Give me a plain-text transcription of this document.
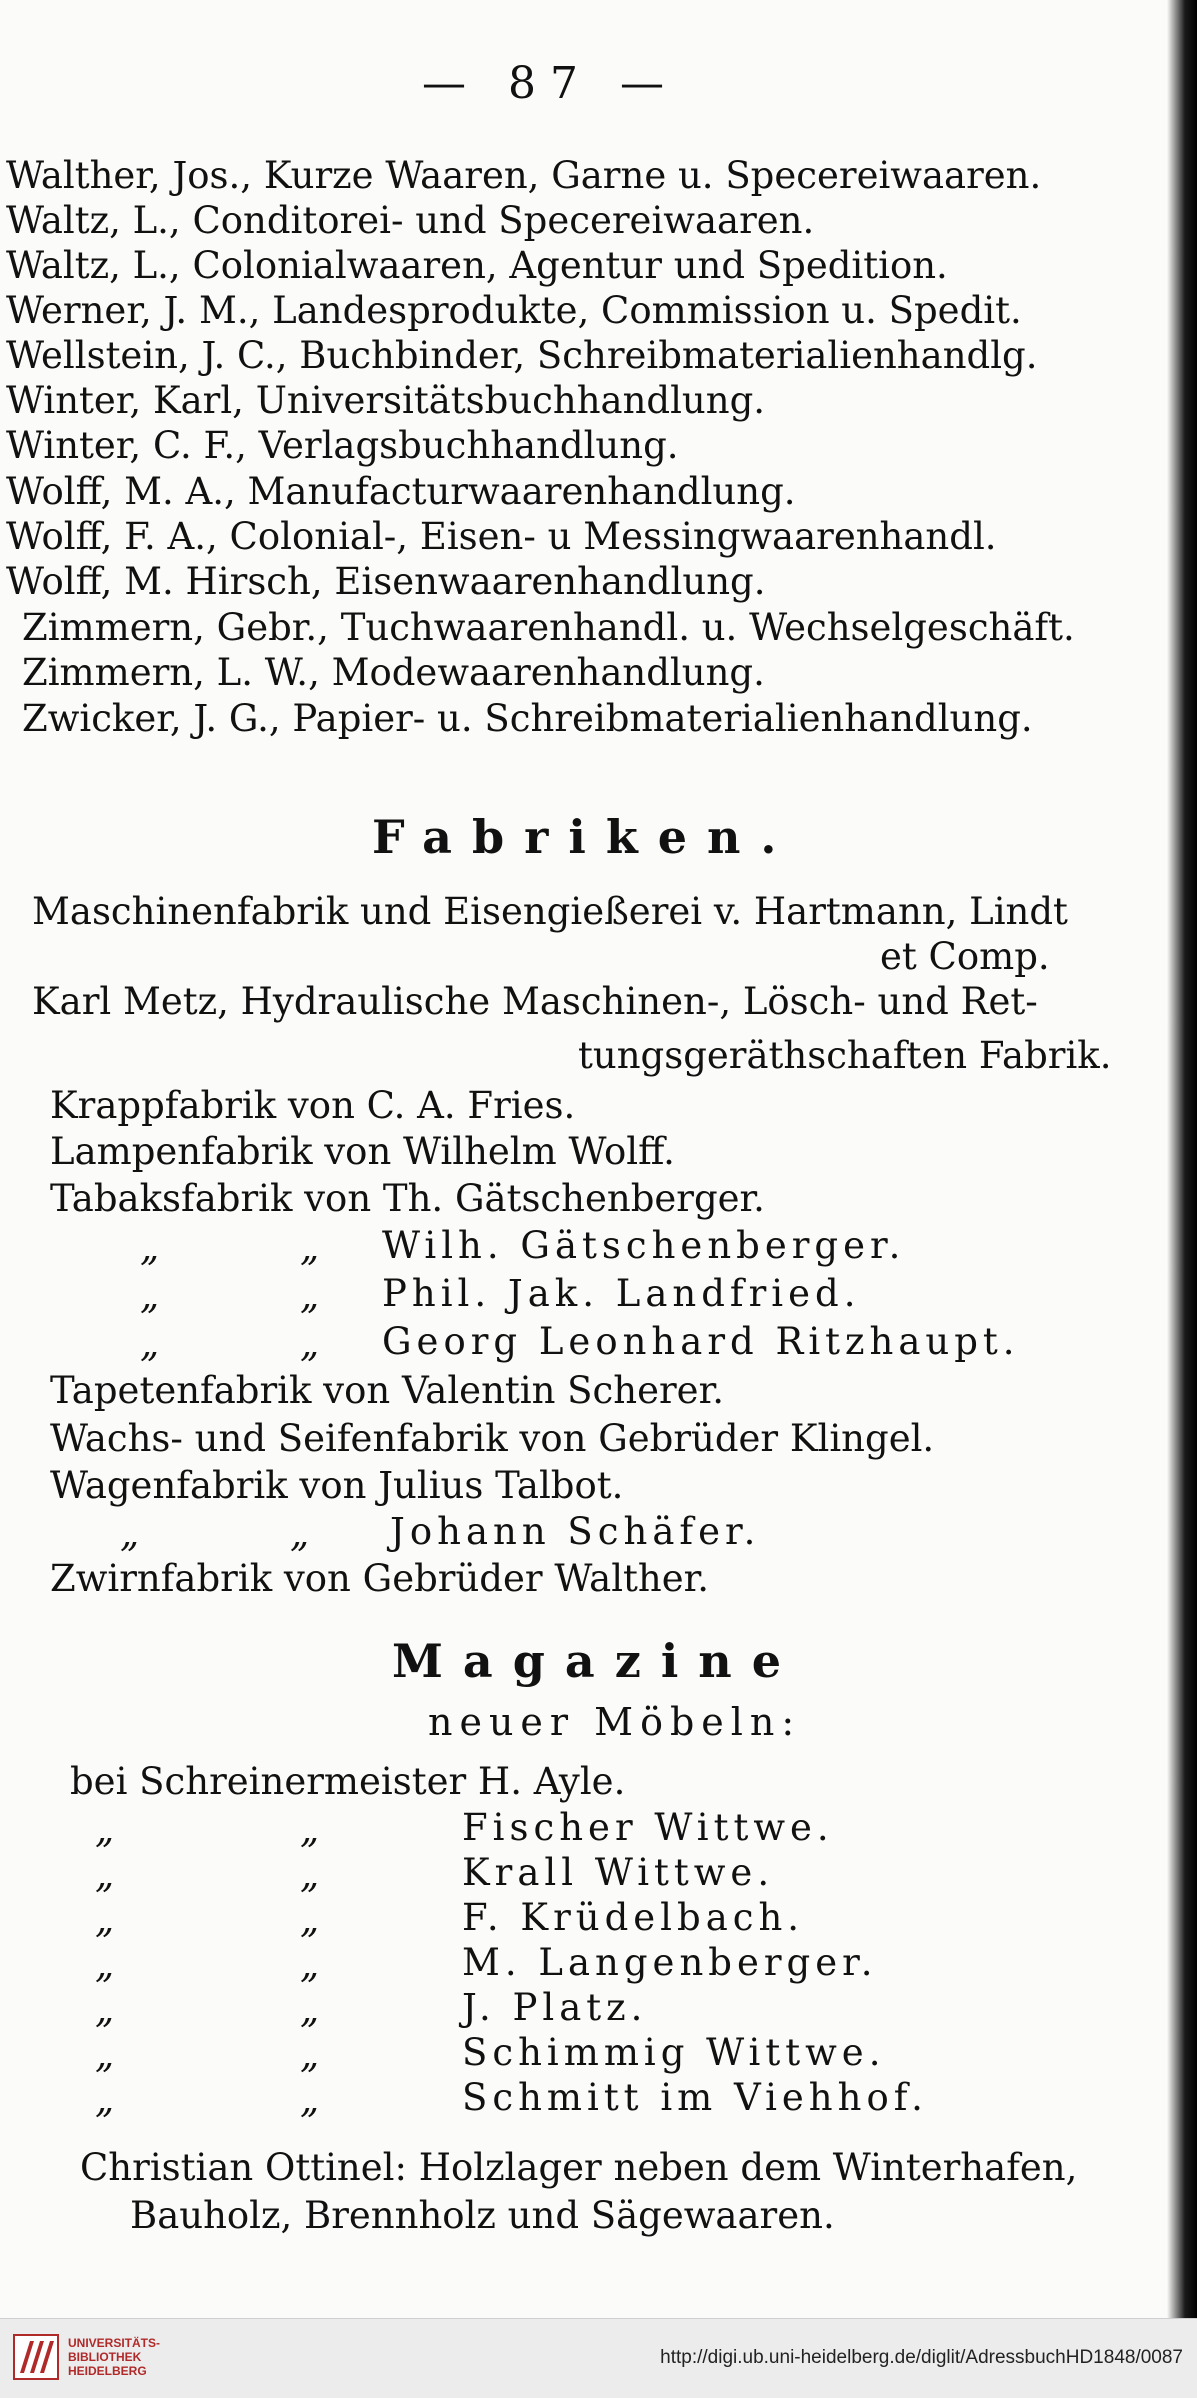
— 87 —
Walther, Jos., Kurze Waaren, Garne u. Specereiwaaren.
Waltz, L., Conditorei- und Specereiwaaren.
Waltz, L., Colonialwaaren, Agentur und Spedition.
Werner, J. M., Landesprodukte, Commission u. Spedit.
Wellstein, J. C., Buchbinder, Schreibmaterialienhandlg.
Winter, Karl, Universitätsbuchhandlung.
Winter, C. F., Verlagsbuchhandlung.
Wolff, M. A., Manufacturwaarenhandlung.
Wolff, F. A., Colonial-, Eisen- u Messingwaarenhandl.
Wolff, M. Hirsch, Eisenwaarenhandlung.
Zimmern, Gebr., Tuchwaarenhandl. u. Wechselgeschäft.
Zimmern, L. W., Modewaarenhandlung.
Zwicker, J. G., Papier- u. Schreibmaterialienhandlung.
Fabriken.
Maschinenfabrik und Eisengießerei v. Hartmann, Lindt
et Comp.
Karl Metz, Hydraulische Maschinen-, Lösch- und Ret-
tungsgeräthschaften Fabrik.
Krappfabrik von C. A. Fries.
Lampenfabrik von Wilhelm Wolff.
Tabaksfabrik von Th. Gätschenberger.
„	„ Wilh. Gätschenberger.
„	„ Phil. Jak. Landfried.
„	„ Georg Leonhard Ritzhaupt.
Tapetenfabrik von Valentin Scherer.
Wachs- und Seifenfabrik von Gebrüder Klingel.
Wagenfabrik von Julius Talbot.
„	„ Johann Schäfer.
Zwirnfabrik von Gebrüder Walther.
Magazine
neuer Möbeln:
bei Schreinermeister H. Ayle.
„	„	Fischer Wittwe.
„	„	Krall Wittwe.
„	„	F. Krüdelbach.
„	„	M. Langenberger.
„	„	J. Platz.
„	„	Schimmig Wittwe.
„	„	Schmitt im Viehhof.
Christian Ottinel: Holzlager neben dem Winterhafen,
Bauholz, Brennholz und Sägewaaren.
UNIVERSITÄTS-
BIBLIOTHEK
HEIDELBERG
http://digi.ub.uni-heidelberg.de/diglit/AdressbuchHD1848/0087
